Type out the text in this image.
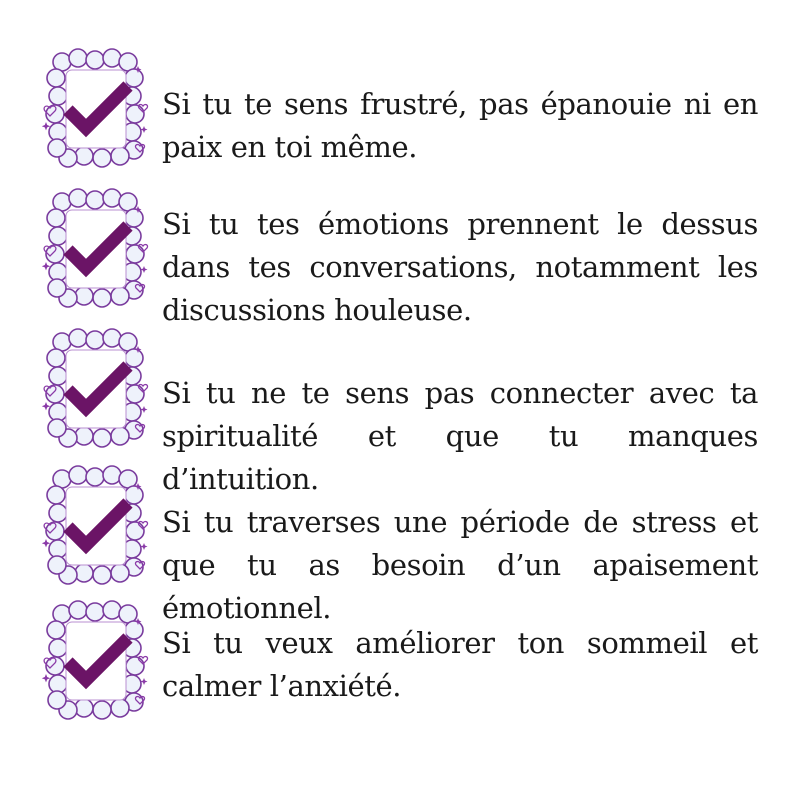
Si tu te sens frustré, pas épanouie ni en paix en toi même.
Si tu tes émotions prennent le dessus dans tes conversations, notamment les discussions houleuse.
Si tu ne te sens pas connecter avec ta spiritualité et que tu manques d’intuition.
Si tu traverses une période de stress et que tu as besoin d’un apaisement émotionnel.
Si tu veux améliorer ton sommeil et calmer l’anxiété.
